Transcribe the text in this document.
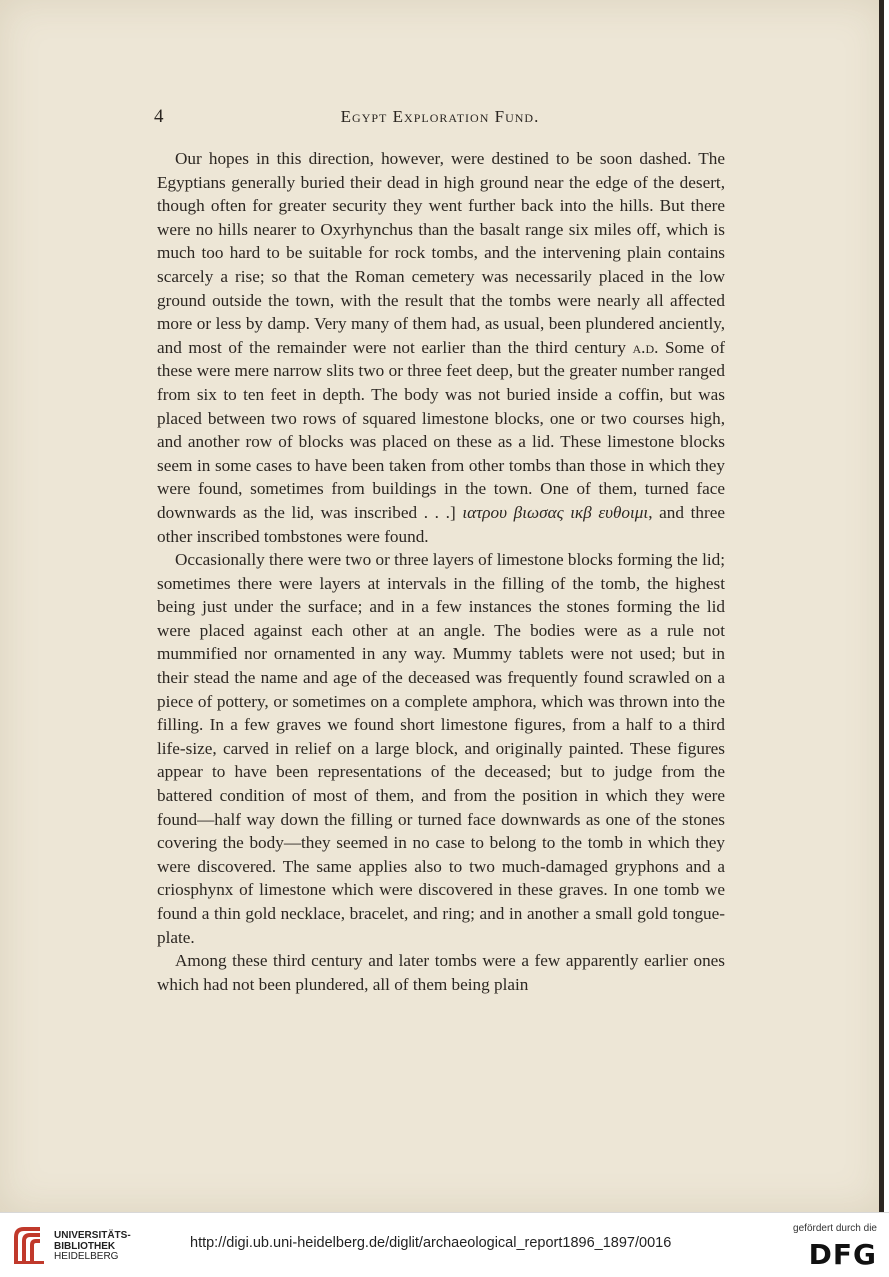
4	Egypt Exploration Fund.

Our hopes in this direction, however, were destined to be soon dashed. The Egyptians generally buried their dead in high ground near the edge of the desert, though often for greater security they went further back into the hills. But there were no hills nearer to Oxyrhynchus than the basalt range six miles off, which is much too hard to be suitable for rock tombs, and the intervening plain contains scarcely a rise; so that the Roman cemetery was necessarily placed in the low ground outside the town, with the result that the tombs were nearly all affected more or less by damp. Very many of them had, as usual, been plundered anciently, and most of the remainder were not earlier than the third century a.d. Some of these were mere narrow slits two or three feet deep, but the greater number ranged from six to ten feet in depth. The body was not buried inside a coffin, but was placed between two rows of squared limestone blocks, one or two courses high, and another row of blocks was placed on these as a lid. These limestone blocks seem in some cases to have been taken from other tombs than those in which they were found, sometimes from buildings in the town. One of them, turned face downwards as the lid, was inscribed . . .] ιατρου βιωσας ιкβ ευθοιμι, and three other inscribed tombstones were found.

Occasionally there were two or three layers of limestone blocks forming the lid; sometimes there were layers at intervals in the filling of the tomb, the highest being just under the surface; and in a few instances the stones forming the lid were placed against each other at an angle. The bodies were as a rule not mummified nor ornamented in any way. Mummy tablets were not used; but in their stead the name and age of the deceased was frequently found scrawled on a piece of pottery, or sometimes on a complete amphora, which was thrown into the filling. In a few graves we found short limestone figures, from a half to a third life-size, carved in relief on a large block, and originally painted. These figures appear to have been representations of the deceased; but to judge from the battered condition of most of them, and from the position in which they were found—half way down the filling or turned face downwards as one of the stones covering the body—they seemed in no case to belong to the tomb in which they were discovered. The same applies also to two much-damaged gryphons and a criosphynx of limestone which were discovered in these graves. In one tomb we found a thin gold necklace, bracelet, and ring; and in another a small gold tongue-plate.

Among these third century and later tombs were a few apparently earlier ones which had not been plundered, all of them being plain

UNIVERSITÄTS-
BIBLIOTHEK
HEIDELBERG
http://digi.ub.uni-heidelberg.de/diglit/archaeological_report1896_1897/0016
gefördert durch die
DFG
